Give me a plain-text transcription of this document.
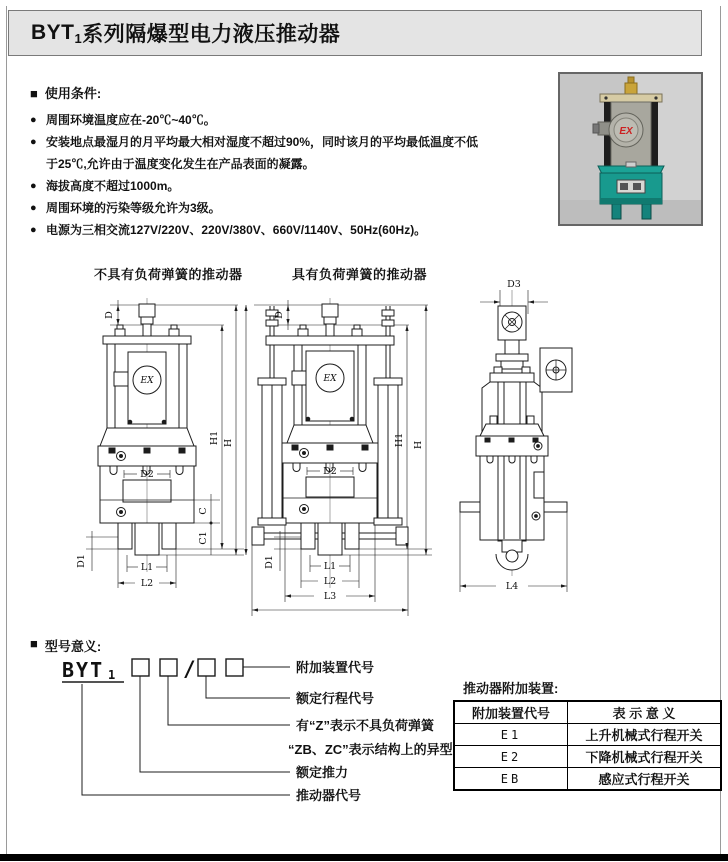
BYT 1 系列隔爆型电力液压推动器
■ 使用条件:
● 周围环境温度应在-20℃~40℃。
● 安装地点最湿月的月平均最大相对湿度不超过90%，同时该月的平均最低温度不低
于25℃,允许由于温度变化发生在产品表面的凝露。
● 海拔高度不超过1000m。
● 周围环境的污染等级允许为3级。
● 电源为三相交流127V/220V、220V/380V、660V/1140V、50Hz(60Hz)。
EX
不具有负荷弹簧的推动器	具有负荷弹簧的推动器
D
EX
D2
C
C1
D1	L1
L2
H1 H
D
EX
D2
D1	L1
L2
L3
H1 H
D3
L4
■ 型号意义:
BYT 1	/	附加装置代号
额定行程代号
有“Z”表示不具负荷弹簧
“ZB、ZC”表示结构上的异型
额定推力
推动器代号
推动器附加装置:
附加装置代号	表 示 意 义
E1	上升机械式行程开关
E2	下降机械式行程开关
EB	感应式行程开关
